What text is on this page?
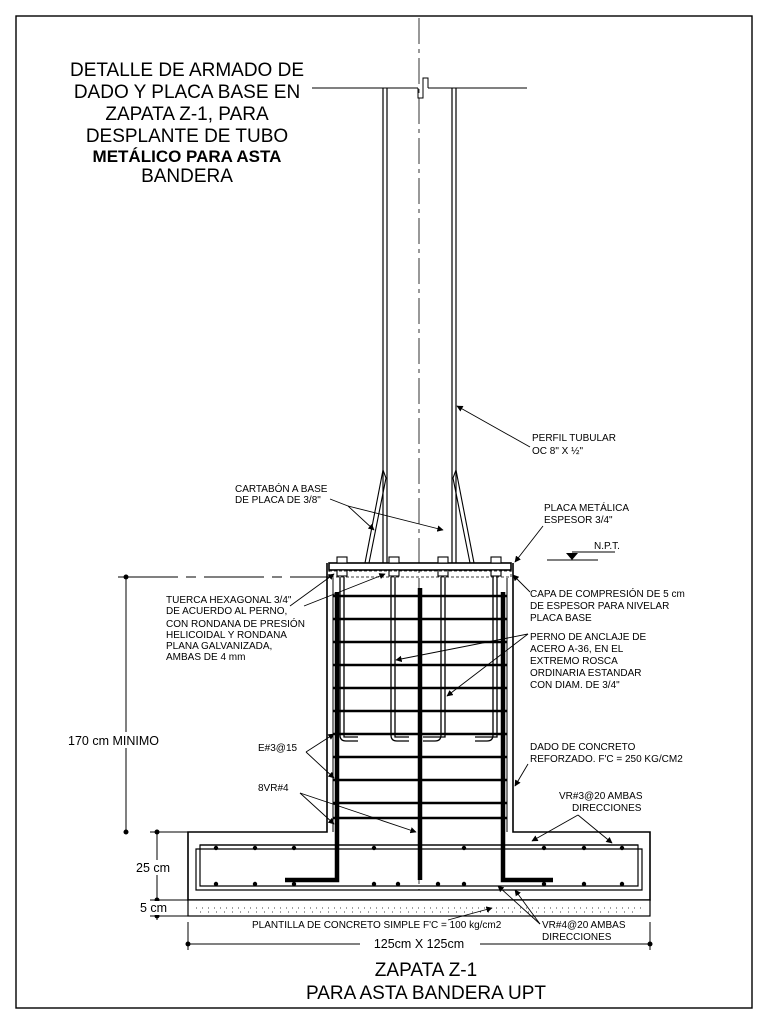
DETALLE DE ARMADO DE
DADO Y PLACA BASE EN
ZAPATA Z-1, PARA
DESPLANTE DE TUBO
METÁLICO PARA ASTA
BANDERA
N.P.T.
170 cm MINIMO
25 cm
5 cm
125cm X 125cm
PERFIL TUBULAR
OC 8" X ½"
CARTABÓN A BASE
DE PLACA DE 3/8"
PLACA METÁLICA
ESPESOR 3/4"
TUERCA HEXAGONAL 3/4"
DE ACUERDO AL PERNO,
CON RONDANA DE PRESIÓN
HELICOIDAL Y RONDANA
PLANA GALVANIZADA,
AMBAS DE 4 mm
CAPA DE COMPRESIÓN DE 5 cm
DE ESPESOR PARA NIVELAR
PLACA BASE
PERNO DE ANCLAJE DE
ACERO A-36, EN EL
EXTREMO ROSCA
ORDINARIA ESTANDAR
CON DIAM. DE 3/4"
E#3@15
8VR#4
DADO DE CONCRETO
REFORZADO. F'C = 250 KG/CM2
VR#3@20 AMBAS
DIRECCIONES
PLANTILLA DE CONCRETO SIMPLE F'C = 100 kg/cm2	VR#4@20 AMBAS
DIRECCIONES
ZAPATA Z-1
PARA ASTA BANDERA UPT
